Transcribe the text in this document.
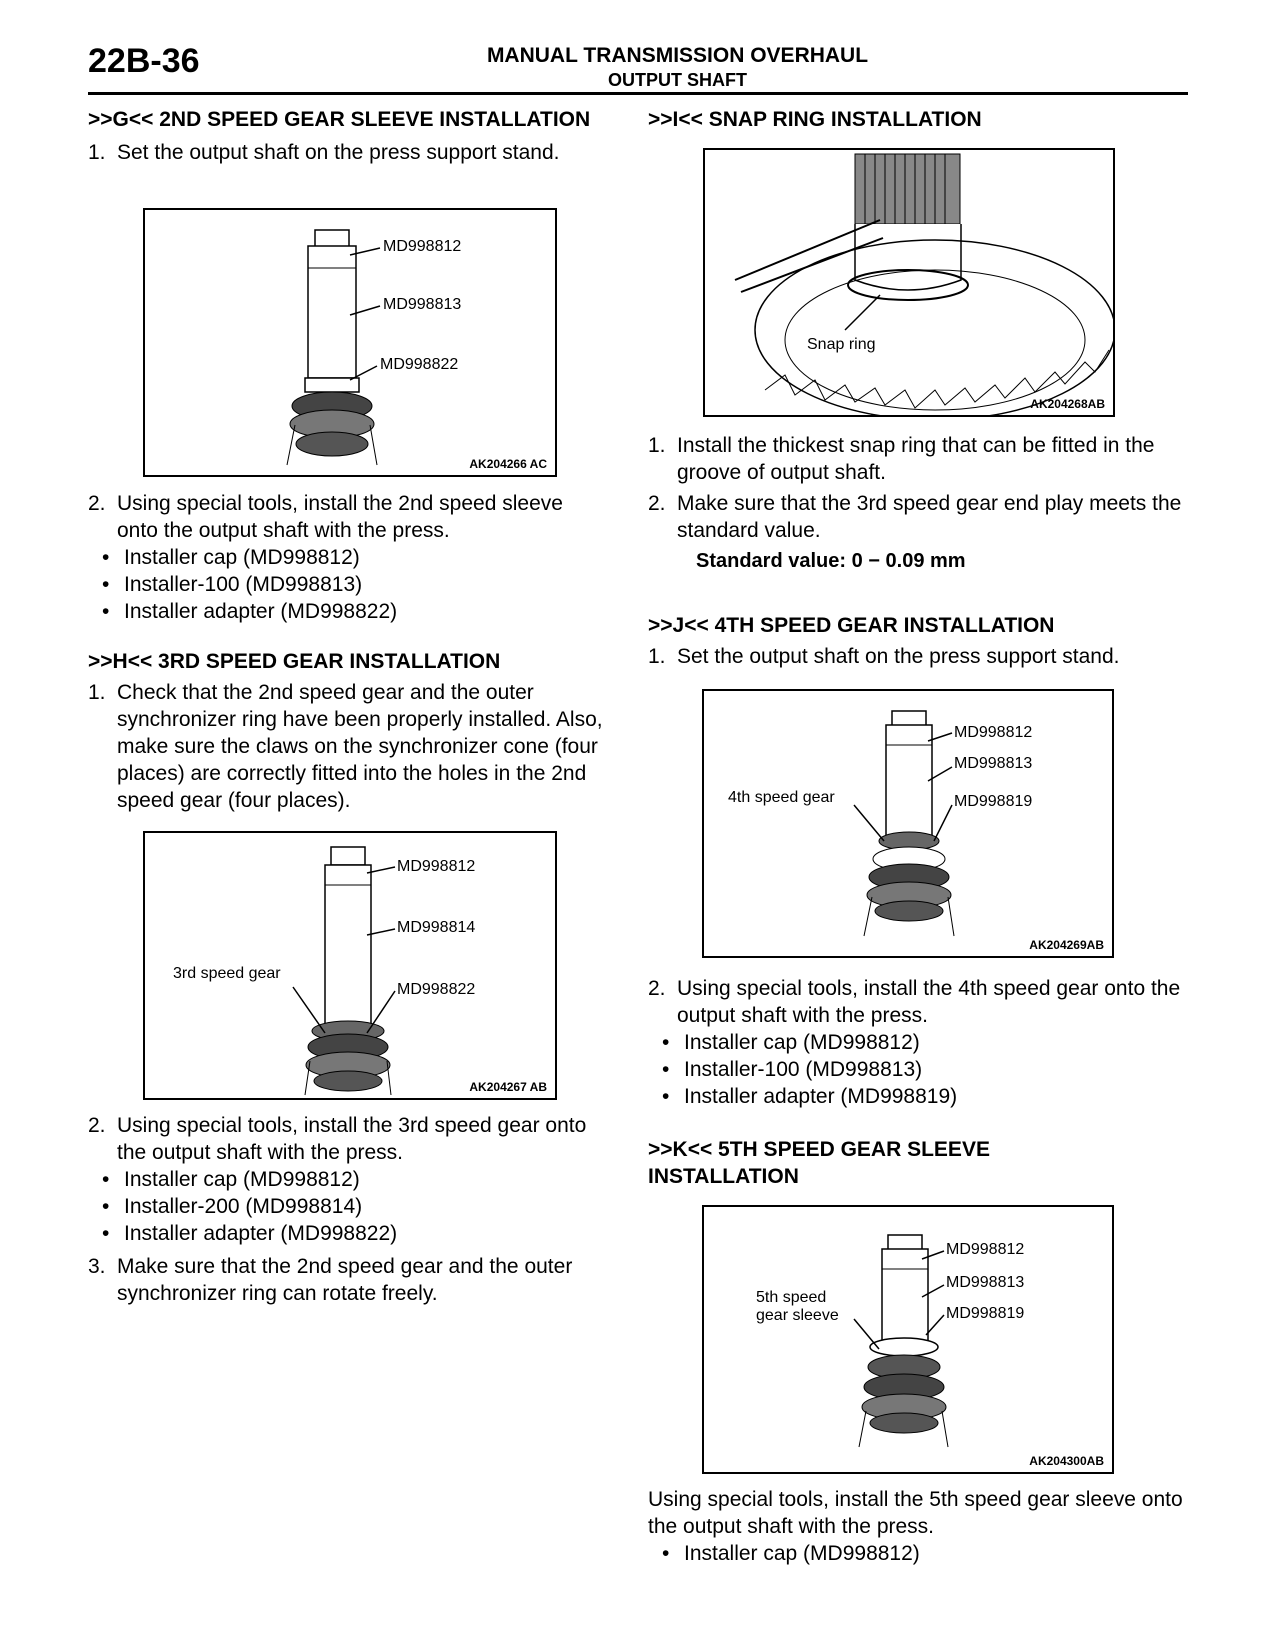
22B-36	MANUAL TRANSMISSION OVERHAUL
OUTPUT SHAFT
>>G<< 2ND SPEED GEAR SLEEVE INSTALLATION
1. Set the output shaft on the press support stand.
MD998812
MD998813
MD998822
AK204266 AC
2. Using special tools, install the 2nd speed sleeve onto the output shaft with the press.
• Installer cap (MD998812)
• Installer-100 (MD998813)
• Installer adapter (MD998822)
>>H<< 3RD SPEED GEAR INSTALLATION
1. Check that the 2nd speed gear and the outer synchronizer ring have been properly installed. Also, make sure the claws on the synchronizer cone (four places) are correctly fitted into the holes in the 2nd speed gear (four places).
MD998812
MD998814
MD998822
3rd speed gear
AK204267 AB
2. Using special tools, install the 3rd speed gear onto the output shaft with the press.
• Installer cap (MD998812)
• Installer-200 (MD998814)
• Installer adapter (MD998822)
3. Make sure that the 2nd speed gear and the outer synchronizer ring can rotate freely.
>>I<< SNAP RING INSTALLATION
Snap ring
AK204268AB
1. Install the thickest snap ring that can be fitted in the groove of output shaft.
2. Make sure that the 3rd speed gear end play meets the standard value.
Standard value: 0 − 0.09 mm
>>J<< 4TH SPEED GEAR INSTALLATION
1. Set the output shaft on the press support stand.
MD998812
MD998813
MD998819
4th speed gear
AK204269AB
2. Using special tools, install the 4th speed gear onto the output shaft with the press.
• Installer cap (MD998812)
• Installer-100 (MD998813)
• Installer adapter (MD998819)
>>K<< 5TH SPEED GEAR SLEEVE INSTALLATION
MD998812
MD998813
MD998819
5th speed
gear sleeve
AK204300AB
Using special tools, install the 5th speed gear sleeve onto the output shaft with the press.
• Installer cap (MD998812)
